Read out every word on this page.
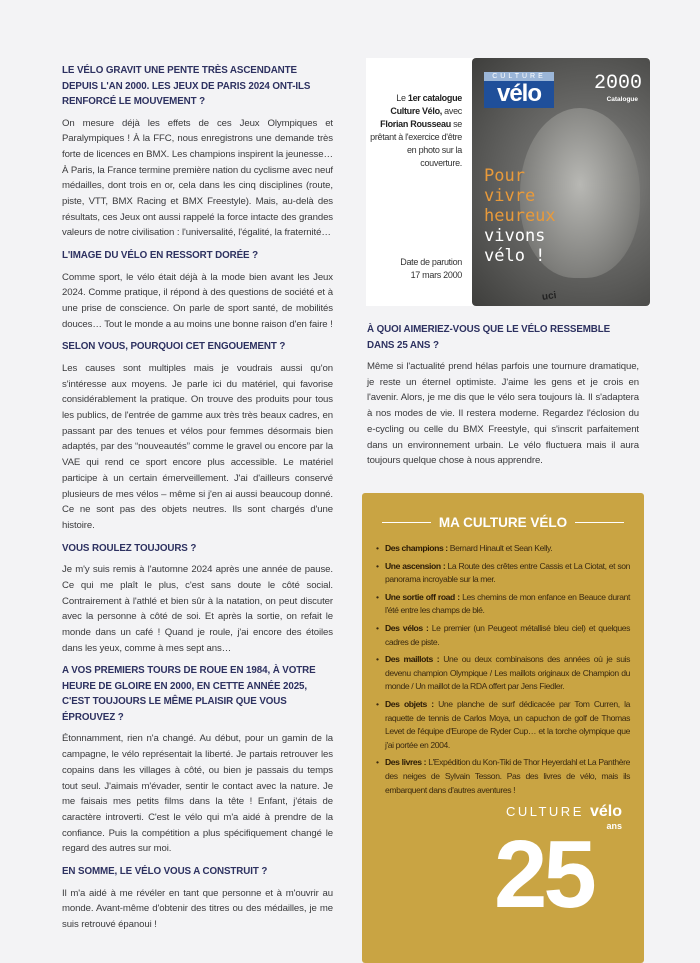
LE VÉLO GRAVIT UNE PENTE TRÈS ASCENDANTE DEPUIS L'AN 2000. LES JEUX DE PARIS 2024 ONT-ILS RENFORCÉ LE MOUVEMENT ?

On mesure déjà les effets de ces Jeux Olympiques et Paralympiques ! À la FFC, nous enregistrons une demande très forte de licences en BMX. Les champions inspirent la jeunesse… À Paris, la France termine première nation du cyclisme avec neuf médailles, dont trois en or, cela dans les cinq disciplines (route, piste, VTT, BMX Racing et BMX Freestyle). Mais, au-delà des résultats, ces Jeux ont aussi rappelé la force intacte des grandes valeurs de notre civilisation : l'universalité, l'égalité, la fraternité…

L'IMAGE DU VÉLO EN RESSORT DORÉE ?

Comme sport, le vélo était déjà à la mode bien avant les Jeux 2024. Comme pratique, il répond à des questions de société et à une prise de conscience. On parle de sport santé, de mobilités douces… Tout le monde a au moins une bonne raison d'en faire !

SELON VOUS, POURQUOI CET ENGOUEMENT ?

Les causes sont multiples mais je voudrais aussi qu'on s'intéresse aux moyens. Je parle ici du matériel, qui favorise considérablement la pratique. On trouve des produits pour tous les publics, de l'entrée de gamme aux très très beaux cadres, en passant par des tenues et vélos pour femmes désormais bien adaptés, par des “nouveautés” comme le gravel ou encore par la VAE qui rend ce sport encore plus accessible. Le matériel participe à un certain émerveillement. J'ai d'ailleurs conservé plusieurs de mes vélos – même si j'en ai aussi beaucoup donné. Ce ne sont pas des objets neutres. Ils sont chargés d'une histoire.

VOUS ROULEZ TOUJOURS ?

Je m'y suis remis à l'automne 2024 après une année de pause. Ce qui me plaît le plus, c'est sans doute le côté social. Contrairement à l'athlé et bien sûr à la natation, on peut discuter avec la personne à côté de soi. Et après la sortie, on refait le monde dans un café ! Quand je roule, j'ai encore des étoiles dans les yeux, comme à mes sept ans…

A VOS PREMIERS TOURS DE ROUE EN 1984, À VOTRE HEURE DE GLOIRE EN 2000, EN CETTE ANNÉE 2025, C'EST TOUJOURS LE MÊME PLAISIR QUE VOUS ÉPROUVEZ ?

Étonnamment, rien n'a changé. Au début, pour un gamin de la campagne, le vélo représentait la liberté. Je partais retrouver les copains dans les villages à côté, ou bien je passais du temps tout seul. J'aimais m'évader, sentir le contact avec la nature. Je me faisais mes petits films dans la tête ! Enfant, j'étais de caractère introverti. C'est le vélo qui m'a aidé à prendre de la confiance. Puis la compétition a plus spécifiquement changé le regard des autres sur moi.

EN SOMME, LE VÉLO VOUS A CONSTRUIT ?

Il m'a aidé à me révéler en tant que personne et à m'ouvrir au monde. Avant-même d'obtenir des titres ou des médailles, je me suis retrouvé épanoui !

Le 1er catalogue Culture Vélo, avec Florian Rousseau se prêtant à l'exercice d'être en photo sur la couverture.
Date de parution
17 mars 2000
CULTURE
vélo	2000
Catalogue
Pour
vivre
heureux
vivons
vélo !
uci
À QUOI AIMERIEZ-VOUS QUE LE VÉLO RESSEMBLE DANS 25 ANS ?

Même si l'actualité prend hélas parfois une tournure dramatique, je reste un éternel optimiste. J'aime les gens et je crois en l'avenir. Alors, je me dis que le vélo sera toujours là. Il s'adaptera à nos modes de vie. Il restera moderne. Regardez l'éclosion du e-cycling ou celle du BMX Freestyle, qui s'inscrit parfaitement dans un environnement urbain. Le vélo fluctuera mais il aura toujours quelque chose à nous apprendre.

MA CULTURE VÉLO
• Des champions : Bernard Hinault et Sean Kelly.
• Une ascension : La Route des crêtes entre Cassis et La Ciotat, et son panorama incroyable sur la mer.
• Une sortie off road : Les chemins de mon enfance en Beauce durant l'été entre les champs de blé.
• Des vélos : Le premier (un Peugeot métallisé bleu ciel) et quelques cadres de piste.
• Des maillots : Une ou deux combinaisons des années où je suis devenu champion Olympique / Les maillots originaux de Champion du monde / Un maillot de la RDA offert par Jens Fiedler.
• Des objets : Une planche de surf dédicacée par Tom Curren, la raquette de tennis de Carlos Moya, un capuchon de golf de Thomas Levet de l'équipe d'Europe de Ryder Cup… et la torche olympique que j'ai portée en 2004.
• Des livres : L'Expédition du Kon-Tiki de Thor Heyerdahl et La Panthère des neiges de Sylvain Tesson. Pas des livres de vélo, mais ils embarquent dans d'autres aventures !
CULTURE vélo
ans
25
